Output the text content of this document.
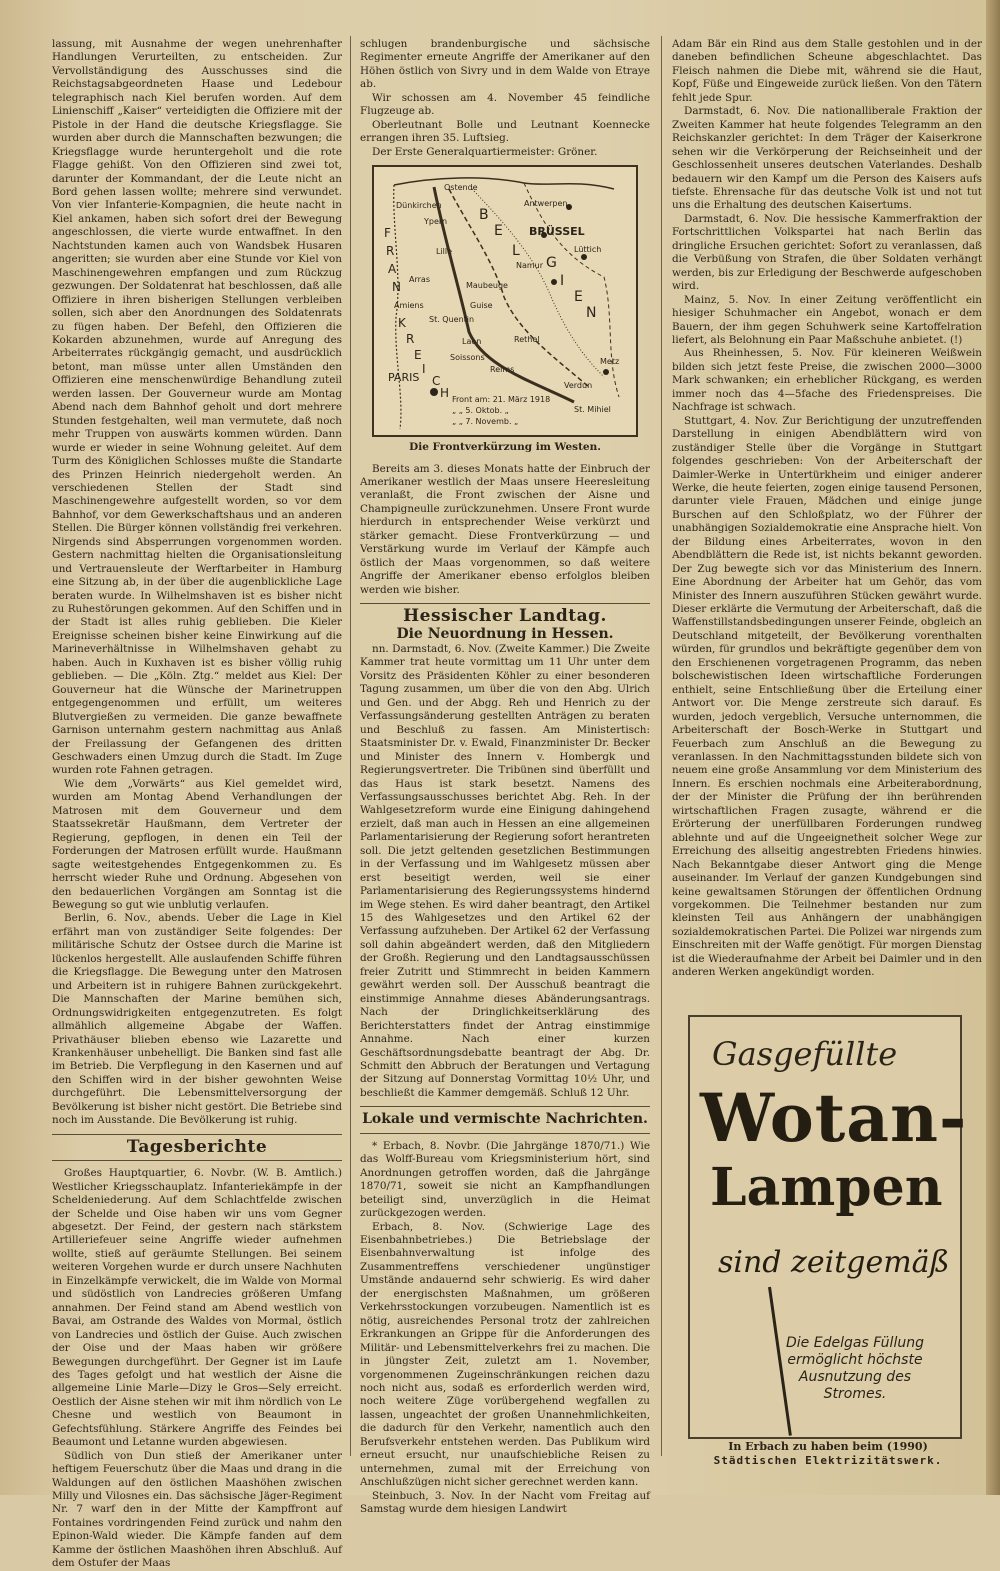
lassung, mit Ausnahme der wegen unehrenhafter Handlungen Verurteilten, zu entscheiden. Zur Vervollständigung des Ausschusses sind die Reichstagsabgeordneten Haase und Ledebour telegraphisch nach Kiel berufen worden. Auf dem Linienschiff „Kaiser“ verteidigten die Offiziere mit der Pistole in der Hand die deutsche Kriegsflagge. Sie wurden aber durch die Mannschaften bezwungen; die Kriegsflagge wurde heruntergeholt und die rote Flagge gehißt. Von den Offizieren sind zwei tot, darunter der Kommandant, der die Leute nicht an Bord gehen lassen wollte; mehrere sind verwundet. Von vier Infanterie-Kompagnien, die heute nacht in Kiel ankamen, haben sich sofort drei der Bewegung angeschlossen, die vierte wurde entwaffnet. In den Nachtstunden kamen auch von Wandsbek Husaren angeritten; sie wurden aber eine Stunde vor Kiel von Maschinengewehren empfangen und zum Rückzug gezwungen. Der Soldatenrat hat beschlossen, daß alle Offiziere in ihren bisherigen Stellungen verbleiben sollen, sich aber den Anordnungen des Soldatenrats zu fügen haben. Der Befehl, den Offizieren die Kokarden abzunehmen, wurde auf Anregung des Arbeiterrates rückgängig gemacht, und ausdrücklich betont, man müsse unter allen Umständen den Offizieren eine menschenwürdige Behandlung zuteil werden lassen. Der Gouverneur wurde am Montag Abend nach dem Bahnhof geholt und dort mehrere Stunden festgehalten, weil man vermutete, daß noch mehr Truppen von auswärts kommen würden. Dann wurde er wieder in seine Wohnung geleitet. Auf dem Turm des Königlichen Schlosses mußte die Standarte des Prinzen Heinrich niedergeholt werden. An verschiedenen Stellen der Stadt sind Maschinengewehre aufgestellt worden, so vor dem Bahnhof, vor dem Gewerkschaftshaus und an anderen Stellen. Die Bürger können vollständig frei verkehren. Nirgends sind Absperrungen vorgenommen worden. Gestern nachmittag hielten die Organisationsleitung und Vertrauensleute der Werftarbeiter in Hamburg eine Sitzung ab, in der über die augenblickliche Lage beraten wurde. In Wilhelmshaven ist es bisher nicht zu Ruhestörungen gekommen. Auf den Schiffen und in der Stadt ist alles ruhig geblieben. Die Kieler Ereignisse scheinen bisher keine Einwirkung auf die Marineverhältnisse in Wilhelmshaven gehabt zu haben. Auch in Kuxhaven ist es bisher völlig ruhig geblieben. — Die „Köln. Ztg.“ meldet aus Kiel: Der Gouverneur hat die Wünsche der Marinetruppen entgegengenommen und erfüllt, um weiteres Blutvergießen zu vermeiden. Die ganze bewaffnete Garnison unternahm gestern nachmittag aus Anlaß der Freilassung der Gefangenen des dritten Geschwaders einen Umzug durch die Stadt. Im Zuge wurden rote Fahnen getragen.

Wie dem „Vorwärts“ aus Kiel gemeldet wird, wurden am Montag Abend Verhandlungen der Matrosen mit dem Gouverneur und dem Staatssekretär Haußmann, dem Vertreter der Regierung, gepflogen, in denen ein Teil der Forderungen der Matrosen erfüllt wurde. Haußmann sagte weitestgehendes Entgegenkommen zu. Es herrscht wieder Ruhe und Ordnung. Abgesehen von den bedauerlichen Vorgängen am Sonntag ist die Bewegung so gut wie unblutig verlaufen.

Berlin, 6. Nov., abends. Ueber die Lage in Kiel erfährt man von zuständiger Seite folgendes: Der militärische Schutz der Ostsee durch die Marine ist lückenlos hergestellt. Alle auslaufenden Schiffe führen die Kriegsflagge. Die Bewegung unter den Matrosen und Arbeitern ist in ruhigere Bahnen zurückgekehrt. Die Mannschaften der Marine bemühen sich, Ordnungswidrigkeiten entgegenzutreten. Es folgt allmählich allgemeine Abgabe der Waffen. Privathäuser blieben ebenso wie Lazarette und Krankenhäuser unbehelligt. Die Banken sind fast alle im Betrieb. Die Verpflegung in den Kasernen und auf den Schiffen wird in der bisher gewohnten Weise durchgeführt. Die Lebensmittelversorgung der Bevölkerung ist bisher nicht gestört. Die Betriebe sind noch im Ausstande. Die Bevölkerung ist ruhig.

Tagesberichte

Großes Hauptquartier, 6. Novbr. (W. B. Amtlich.) Westlicher Kriegsschauplatz. Infanteriekämpfe in der Scheldeniederung. Auf dem Schlachtfelde zwischen der Schelde und Oise haben wir uns vom Gegner abgesetzt. Der Feind, der gestern nach stärkstem Artilleriefeuer seine Angriffe wieder aufnehmen wollte, stieß auf geräumte Stellungen. Bei seinem weiteren Vorgehen wurde er durch unsere Nachhuten in Einzelkämpfe verwickelt, die im Walde von Mormal und südöstlich von Landrecies größeren Umfang annahmen. Der Feind stand am Abend westlich von Bavai, am Ostrande des Waldes von Mormal, östlich von Landrecies und östlich der Guise. Auch zwischen der Oise und der Maas haben wir größere Bewegungen durchgeführt. Der Gegner ist im Laufe des Tages gefolgt und hat westlich der Aisne die allgemeine Linie Marle—Dizy le Gros—Sely erreicht. Oestlich der Aisne stehen wir mit ihm nördlich von Le Chesne und westlich von Beaumont in Gefechtsfühlung. Stärkere Angriffe des Feindes bei Beaumont und Letanne wurden abgewiesen.

Südlich von Dun stieß der Amerikaner unter heftigem Feuerschutz über die Maas und drang in die Waldungen auf den östlichen Maashöhen zwischen Milly und Vilosnes ein. Das sächsische Jäger-Regiment Nr. 7 warf den in der Mitte der Kampffront auf Fontaines vordringenden Feind zurück und nahm den Epinon-Wald wieder. Die Kämpfe fanden auf dem Kamme der östlichen Maashöhen ihren Abschluß. Auf dem Ostufer der Maas

schlugen brandenburgische und sächsische Regimenter erneute Angriffe der Amerikaner auf den Höhen östlich von Sivry und in dem Walde von Etraye ab.

Wir schossen am 4. November 45 feindliche Flugzeuge ab.

Oberleutnant Bolle und Leutnant Koennecke errangen ihren 35. Luftsieg.

Der Erste Generalquartiermeister: Gröner.

Ostende
Antwerpen
Dünkirchen
Ypern
BRÜSSEL
B
E
L
G
I
E
N
Lille
Namur
Lüttich
Arras
Maubeuge
Amiens
St. Quentin
Guise
Laon	Rethel
Soissons
Reims
Metz
Verdun
St. Mihiel
PARIS
F
R
A
N
K
R
E
I
C
H Front am: 21. März 1918
„ „ 5. Oktob. „
„ „ 7. Novemb. „
Die Frontverkürzung im Westen.

Bereits am 3. dieses Monats hatte der Einbruch der Amerikaner westlich der Maas unsere Heeresleitung veranlaßt, die Front zwischen der Aisne und Champigneulle zurückzunehmen. Unsere Front wurde hierdurch in entsprechender Weise verkürzt und stärker gemacht. Diese Frontverkürzung — und Verstärkung wurde im Verlauf der Kämpfe auch östlich der Maas vorgenommen, so daß weitere Angriffe der Amerikaner ebenso erfolglos bleiben werden wie bisher.

Hessischer Landtag.
Die Neuordnung in Hessen.

nn. Darmstadt, 6. Nov. (Zweite Kammer.) Die Zweite Kammer trat heute vormittag um 11 Uhr unter dem Vorsitz des Präsidenten Köhler zu einer besonderen Tagung zusammen, um über die von den Abg. Ulrich und Gen. und der Abgg. Reh und Henrich zu der Verfassungsänderung gestellten Anträgen zu beraten und Beschluß zu fassen. Am Ministertisch: Staatsminister Dr. v. Ewald, Finanzminister Dr. Becker und Minister des Innern v. Hombergk und Regierungsvertreter. Die Tribünen sind überfüllt und das Haus ist stark besetzt. Namens des Verfassungsausschusses berichtet Abg. Reh. In der Wahlgesetzreform wurde eine Einigung dahingehend erzielt, daß man auch in Hessen an eine allgemeinen Parlamentarisierung der Regierung sofort herantreten soll. Die jetzt geltenden gesetzlichen Bestimmungen in der Verfassung und im Wahlgesetz müssen aber erst beseitigt werden, weil sie einer Parlamentarisierung des Regierungssystems hindernd im Wege stehen. Es wird daher beantragt, den Artikel 15 des Wahlgesetzes und den Artikel 62 der Verfassung aufzuheben. Der Artikel 62 der Verfassung soll dahin abgeändert werden, daß den Mitgliedern der Großh. Regierung und den Landtagsausschüssen freier Zutritt und Stimmrecht in beiden Kammern gewährt werden soll. Der Ausschuß beantragt die einstimmige Annahme dieses Abänderungsantrags. Nach der Dringlichkeitserklärung des Berichterstatters findet der Antrag einstimmige Annahme. Nach einer kurzen Geschäftsordnungsdebatte beantragt der Abg. Dr. Schmitt den Abbruch der Beratungen und Vertagung der Sitzung auf Donnerstag Vormittag 10½ Uhr, und beschließt die Kammer demgemäß. Schluß 12 Uhr.

Lokale und vermischte Nachrichten.

* Erbach, 8. Novbr. (Die Jahrgänge 1870/71.) Wie das Wolff-Bureau vom Kriegsministerium hört, sind Anordnungen getroffen worden, daß die Jahrgänge 1870/71, soweit sie nicht an Kampfhandlungen beteiligt sind, unverzüglich in die Heimat zurückgezogen werden.

Erbach, 8. Nov. (Schwierige Lage des Eisenbahnbetriebes.) Die Betriebslage der Eisenbahnverwaltung ist infolge des Zusammentreffens verschiedener ungünstiger Umstände andauernd sehr schwierig. Es wird daher der energischsten Maßnahmen, um größeren Verkehrsstockungen vorzubeugen. Namentlich ist es nötig, ausreichendes Personal trotz der zahlreichen Erkrankungen an Grippe für die Anforderungen des Militär- und Lebensmittelverkehrs frei zu machen. Die in jüngster Zeit, zuletzt am 1. November, vorgenommenen Zugeinschränkungen reichen dazu noch nicht aus, sodaß es erforderlich werden wird, noch weitere Züge vorübergehend wegfallen zu lassen, ungeachtet der großen Unannehmlichkeiten, die dadurch für den Verkehr, namentlich auch den Berufsverkehr entstehen werden. Das Publikum wird erneut ersucht, nur unaufschiebliche Reisen zu unternehmen, zumal mit der Erreichung von Anschlußzügen nicht sicher gerechnet werden kann.

Steinbuch, 3. Nov. In der Nacht vom Freitag auf Samstag wurde dem hiesigen Landwirt

Adam Bär ein Rind aus dem Stalle gestohlen und in der daneben befindlichen Scheune abgeschlachtet. Das Fleisch nahmen die Diebe mit, während sie die Haut, Kopf, Füße und Eingeweide zurück ließen. Von den Tätern fehlt jede Spur.

Darmstadt, 6. Nov. Die nationalliberale Fraktion der Zweiten Kammer hat heute folgendes Telegramm an den Reichskanzler gerichtet: In dem Träger der Kaiserkrone sehen wir die Verkörperung der Reichseinheit und der Geschlossenheit unseres deutschen Vaterlandes. Deshalb bedauern wir den Kampf um die Person des Kaisers aufs tiefste. Ehrensache für das deutsche Volk ist und not tut uns die Erhaltung des deutschen Kaisertums.

Darmstadt, 6. Nov. Die hessische Kammerfraktion der Fortschrittlichen Volkspartei hat nach Berlin das dringliche Ersuchen gerichtet: Sofort zu veranlassen, daß die Verbüßung von Strafen, die über Soldaten verhängt werden, bis zur Erledigung der Beschwerde aufgeschoben wird.

Mainz, 5. Nov. In einer Zeitung veröffentlicht ein hiesiger Schuhmacher ein Angebot, wonach er dem Bauern, der ihm gegen Schuhwerk seine Kartoffelration liefert, als Belohnung ein Paar Maßschuhe anbietet. (!)

Aus Rheinhessen, 5. Nov. Für kleineren Weißwein bilden sich jetzt feste Preise, die zwischen 2000—3000 Mark schwanken; ein erheblicher Rückgang, es werden immer noch das 4—5fache des Friedenspreises. Die Nachfrage ist schwach.

Stuttgart, 4. Nov. Zur Berichtigung der unzutreffenden Darstellung in einigen Abendblättern wird von zuständiger Stelle über die Vorgänge in Stuttgart folgendes geschrieben: Von der Arbeiterschaft der Daimler-Werke in Untertürkheim und einiger anderer Werke, die heute feierten, zogen einige tausend Personen, darunter viele Frauen, Mädchen und einige junge Burschen auf den Schloßplatz, wo der Führer der unabhängigen Sozialdemokratie eine Ansprache hielt. Von der Bildung eines Arbeiterrates, wovon in den Abendblättern die Rede ist, ist nichts bekannt geworden. Der Zug bewegte sich vor das Ministerium des Innern. Eine Abordnung der Arbeiter hat um Gehör, das vom Minister des Innern auszuführen Stücken gewährt wurde. Dieser erklärte die Vermutung der Arbeiterschaft, daß die Waffenstillstandsbedingungen unserer Feinde, obgleich an Deutschland mitgeteilt, der Bevölkerung vorenthalten würden, für grundlos und bekräftigte gegenüber dem von den Erschienenen vorgetragenen Programm, das neben bolschewistischen Ideen wirtschaftliche Forderungen enthielt, seine Entschließung über die Erteilung einer Antwort vor. Die Menge zerstreute sich darauf. Es wurden, jedoch vergeblich, Versuche unternommen, die Arbeiterschaft der Bosch-Werke in Stuttgart und Feuerbach zum Anschluß an die Bewegung zu veranlassen. In den Nachmittagsstunden bildete sich von neuem eine große Ansammlung vor dem Ministerium des Innern. Es erschien nochmals eine Arbeiterabordnung, der der Minister die Prüfung der ihn berührenden wirtschaftlichen Fragen zusagte, während er die Erörterung der unerfüllbaren Forderungen rundweg ablehnte und auf die Ungeeignetheit solcher Wege zur Erreichung des allseitig angestrebten Friedens hinwies. Nach Bekanntgabe dieser Antwort ging die Menge auseinander. Im Verlauf der ganzen Kundgebungen sind keine gewaltsamen Störungen der öffentlichen Ordnung vorgekommen. Die Teilnehmer bestanden nur zum kleinsten Teil aus Anhängern der unabhängigen sozialdemokratischen Partei. Die Polizei war nirgends zum Einschreiten mit der Waffe genötigt. Für morgen Dienstag ist die Wiederaufnahme der Arbeit bei Daimler und in den anderen Werken angekündigt worden.

Gasgefüllte
Wotan-
Lampen
sind zeitgemäß
Die Edelgas Füllung ermöglicht höchste Ausnutzung des Stromes.
In Erbach zu haben beim (1990)
Städtischen Elektrizitätswerk.
